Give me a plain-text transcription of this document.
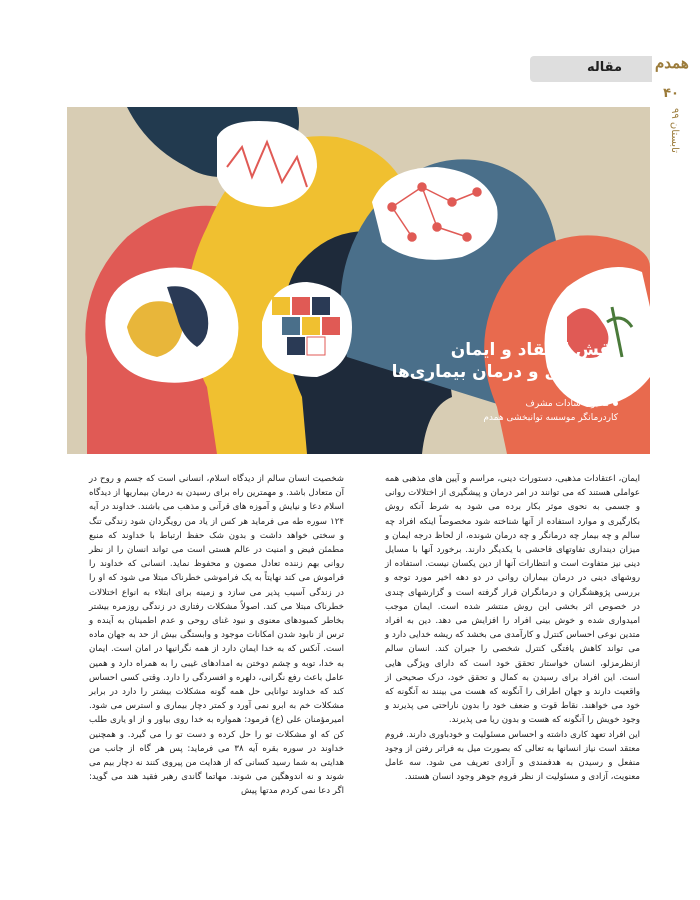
مقاله همدم
۴۰
تابستان ۹۹
نقش اعتقاد و ایمان
در کنترل و درمان بیماری‌ها
محبوبه سادات مشرف
کاردرمانگر موسسه توانبخشی همدم

ایمان، اعتقادات مذهبی، دستورات دینی، مراسم و آیین های مذهبی همه عواملی هستند که می توانند در امر درمان و پیشگیری از اختلالات روانی و جسمی به نحوی موثر بکار برده می شود به شرط آنکه روش بکارگیری و موارد استفاده از آنها شناخته شود مخصوصاً اینکه افراد چه سالم و چه بیمار چه درمانگر و چه درمان شونده، از لحاظ درجه ایمان و میزان دینداری تفاوتهای فاحشی با یکدیگر دارند. برخورد آنها با مسایل دینی نیز متفاوت است و انتظارات آنها از دین یکسان نیست. استفاده از روشهای دینی در درمان بیماران روانی در دو دهه اخیر مورد توجه و بررسی پژوهشگران و درمانگران قرار گرفته است و گزارشهای چندی در خصوص اثر بخشی این روش منتشر شده است. ایمان موجب امیدواری شده و خوش بینی افراد را افزایش می دهد. دین به افراد متدین نوعی احساس کنترل و کارآمدی می بخشد که ریشه خدایی دارد و می تواند کاهش یافتگی کنترل شخصی را جبران کند. انسان سالم ازنظرمزلو، انسان خواستار تحقق خود است که دارای ویژگی هایی است. این افراد برای رسیدن به کمال و تحقق خود، درک صحیحی از واقعیت دارند و جهان اطراف را آنگونه که هست می بینند نه آنگونه که خود می خواهند. نقاط قوت و ضعف خود را بدون ناراحتی می پذیرند و وجود خویش را آنگونه که هست و بدون ریا می پذیرند.

این افراد تعهد کاری داشته و احساس مسئولیت و خودباوری دارند. فروم معتقد است نیاز انسانها به تعالی که بصورت میل به فراتر رفتن از وجود منفعل و رسیدن به هدفمندی و آزادی تعریف می شود. سه عامل معنویت، آزادی و مسئولیت از نظر فروم جوهر وجود انسان هستند.

شخصیت انسان سالم از دیدگاه اسلام، انسانی است که جسم و روح در آن متعادل باشد. و مهمترین راه برای رسیدن به درمان بیماریها از دیدگاه اسلام دعا و نیایش و آموزه های قرآنی و مذهب می باشند. خداوند در آیه ۱۲۴ سوره طه می فرماید هر کس از یاد من رویگردان شود زندگی تنگ و سختی خواهد داشت و بدون شک حفظ ارتباط با خداوند که منبع مطمئن فیض و امنیت در عالم هستی است می تواند انسان را از نظر روانی بهم زننده تعادل مصون و محفوظ نماید. انسانی که خداوند را فراموش می کند نهایتاً به یک فراموشی خطرناک مبتلا می شود که او را در زندگی آسیب پذیر می سازد و زمینه برای ابتلاء به انواع اختلالات خطرناک مبتلا می کند. اصولاً مشکلات رفتاری در زندگی روزمره بیشتر بخاطر کمبودهای معنوی و نبود غنای روحی و عدم اطمینان به آینده و ترس از نابود شدن امکانات موجود و وابستگی بیش از حد به جهان ماده است. آنکس که به خدا ایمان دارد از همه نگرانیها در امان است. ایمان به خدا، توبه و چشم دوختن به امدادهای غیبی را به همراه دارد و همین عامل باعث رفع نگرانی، دلهره و افسردگی را دارد. وقتی کسی احساس کند که خداوند توانایی حل همه گونه مشکلات بیشتر را دارد در برابر مشکلات خم به ابرو نمی آورد و کمتر دچار بیماری و استرس می شود. امیرمؤمنان علی (ع) فرمود: همواره به خدا روی بیاور و از او یاری طلب کن که او مشکلات تو را حل کرده و دست تو را می گیرد. و همچنین خداوند در سوره بقره آیه ۳۸ می فرماید: پس هر گاه از جانب من هدایتی به شما رسید کسانی که از هدایت من پیروی کنند نه دچار بیم می شوند و نه اندوهگین می شوند. مهاتما گاندی رهبر فقید هند می گوید: اگر دعا نمی کردم مدتها پیش
